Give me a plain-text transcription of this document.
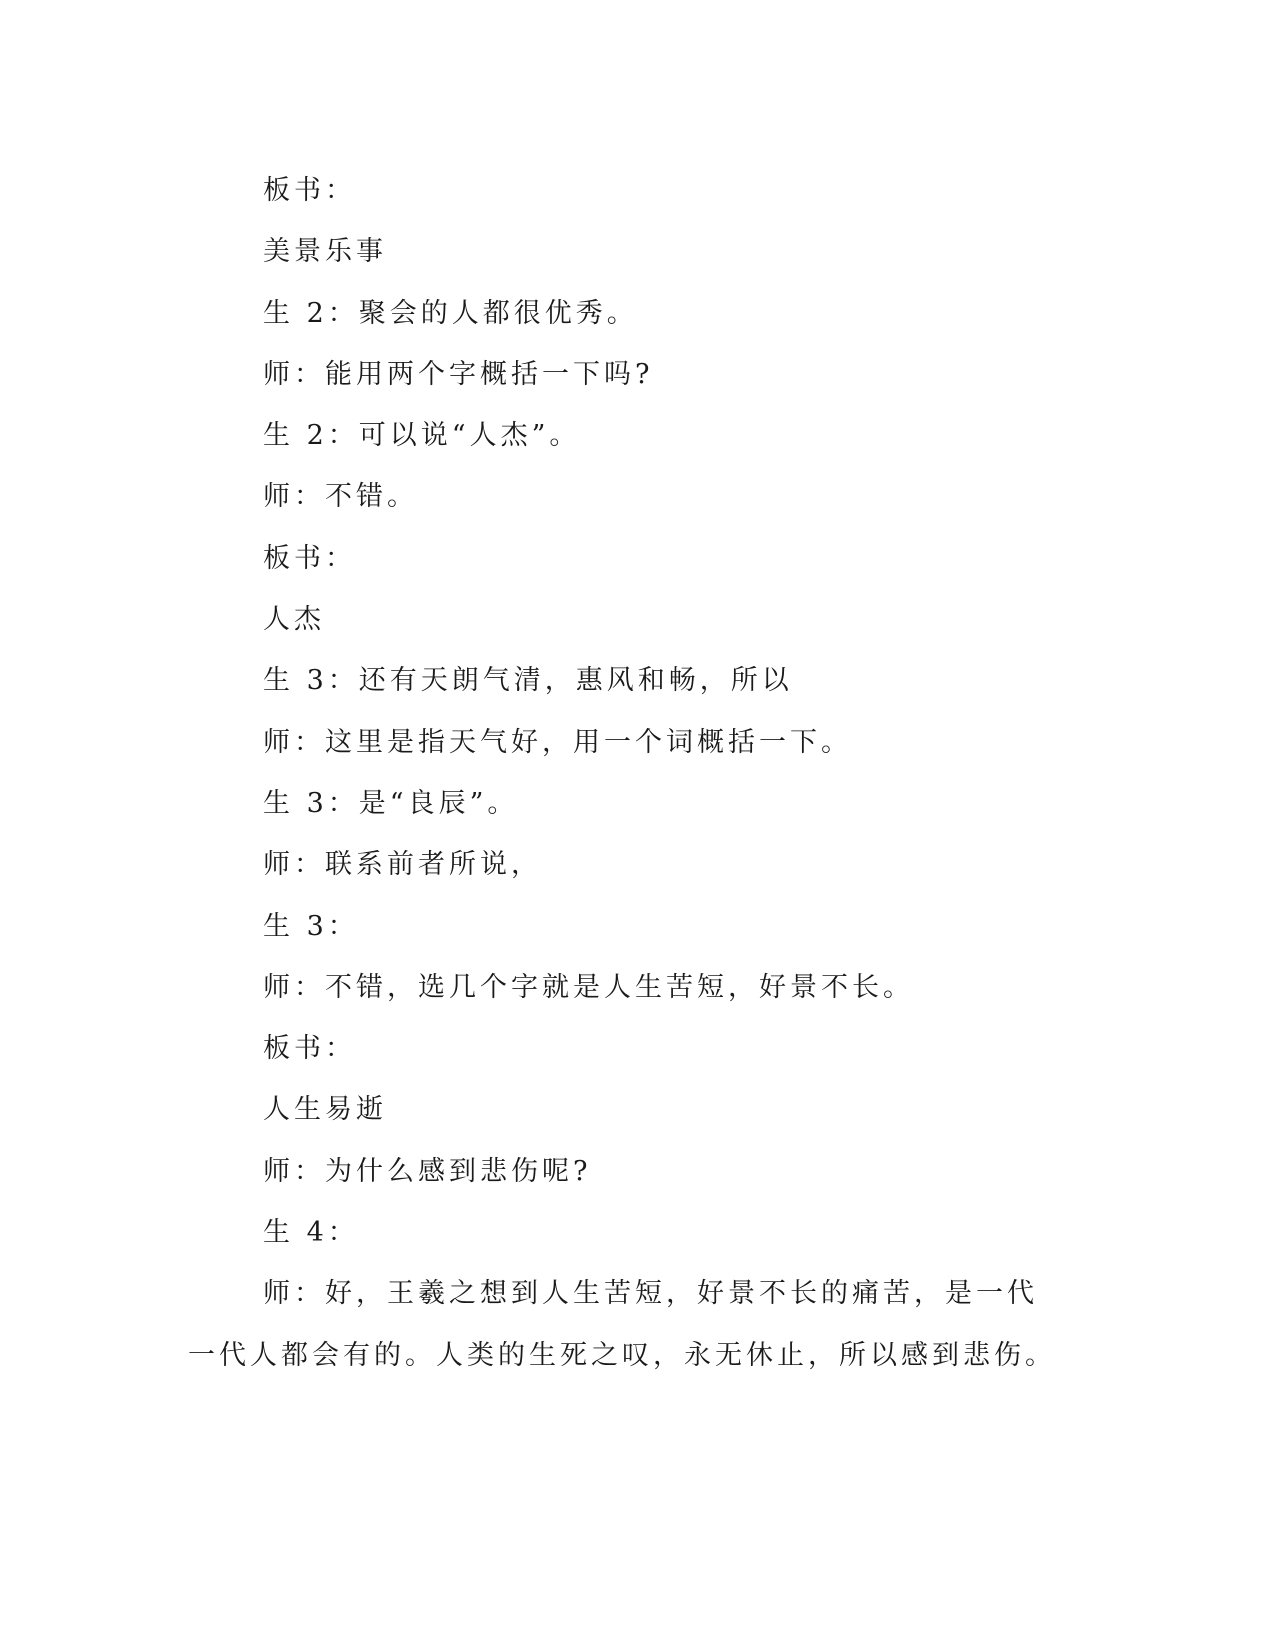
板书：
美景乐事
生 2：聚会的人都很优秀。
师：能用两个字概括一下吗?
生 2：可以说“人杰”。
师：不错。
板书：
人杰
生 3：还有天朗气清，惠风和畅，所以
师：这里是指天气好，用一个词概括一下。
生 3：是“良辰”。
师：联系前者所说，
生 3：
师：不错，选几个字就是人生苦短，好景不长。
板书：
人生易逝
师：为什么感到悲伤呢?
生 4：
师：好，王羲之想到人生苦短，好景不长的痛苦，是一代一代人都会有的。人类的生死之叹，永无休止，所以感到悲伤。
